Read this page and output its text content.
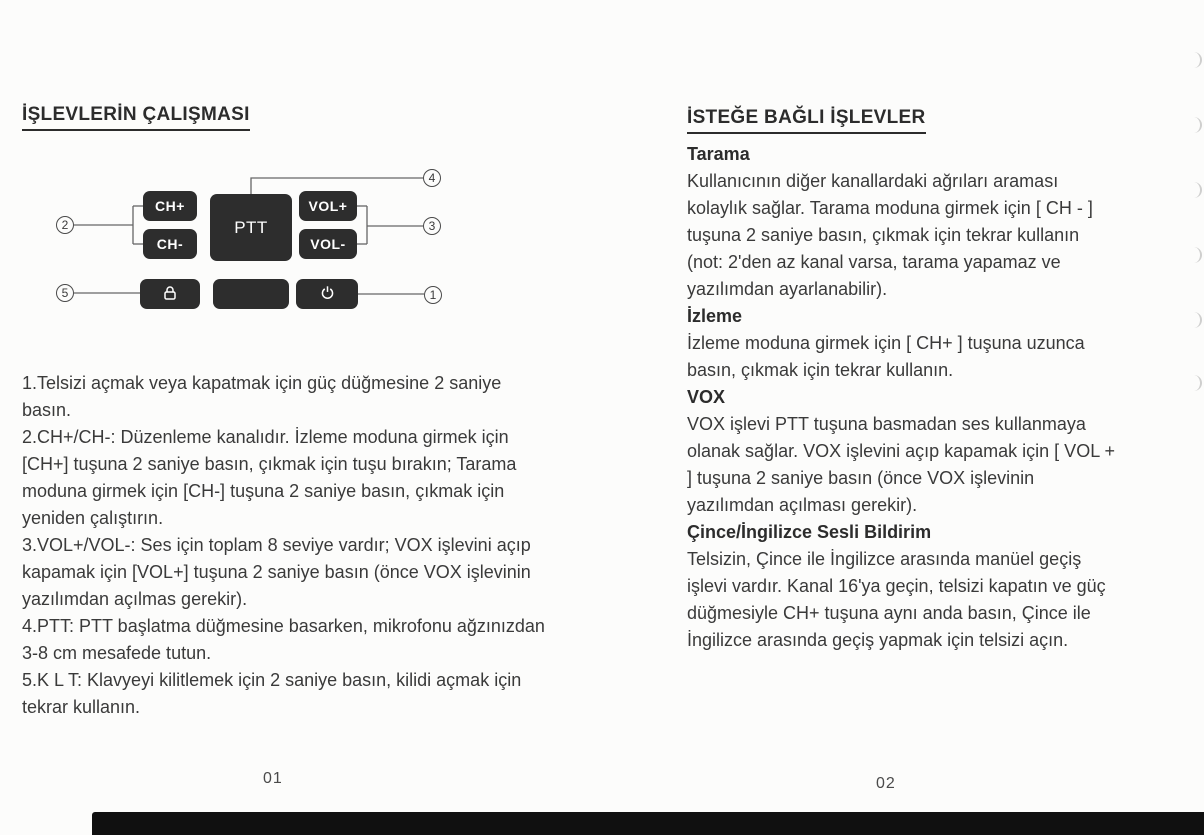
İŞLEVLERİN ÇALIŞMASI
CH+
CH-
PTT
VOL+
VOL-
1
2	3
4
5

1.Telsizi açmak veya kapatmak için güç düğmesine 2 saniye basın.

2.CH+/CH-: Düzenleme kanalıdır. İzleme moduna girmek için [CH+] tuşuna 2 saniye basın, çıkmak için tuşu bırakın; Tarama moduna girmek için [CH-] tuşuna 2 saniye basın, çıkmak için yeniden çalıştırın.

3.VOL+/VOL-: Ses için toplam 8 seviye vardır; VOX işlevini açıp kapamak için [VOL+] tuşuna 2 saniye basın (önce VOX işlevinin yazılımdan açılmas gerekir).

4.PTT: PTT başlatma düğmesine basarken, mikrofonu ağzınızdan 3-8 cm mesafede tutun.

5.K L T: Klavyeyi kilitlemek için 2 saniye basın, kilidi açmak için tekrar kullanın.

01
İSTEĞE BAĞLI İŞLEVLER
Tarama

Kullanıcının diğer kanallardaki ağrıları araması kolaylık sağlar. Tarama moduna girmek için [ CH - ] tuşuna 2 saniye basın, çıkmak için tekrar kullanın (not: 2'den az kanal varsa, tarama yapamaz ve yazılımdan ayarlanabilir).

İzleme

İzleme moduna girmek için [ CH+ ] tuşuna uzunca basın, çıkmak için tekrar kullanın.

VOX

VOX işlevi PTT tuşuna basmadan ses kullanmaya olanak sağlar. VOX işlevini açıp kapamak için [ VOL + ] tuşuna 2 saniye basın (önce VOX işlevinin yazılımdan açılması gerekir).

Çince/İngilizce Sesli Bildirim

Telsizin, Çince ile İngilizce arasında manüel geçiş işlevi vardır. Kanal 16'ya geçin, telsizi kapatın ve güç düğmesiyle CH+ tuşuna aynı anda basın, Çince ile İngilizce arasında geçiş yapmak için telsizi açın.

02
